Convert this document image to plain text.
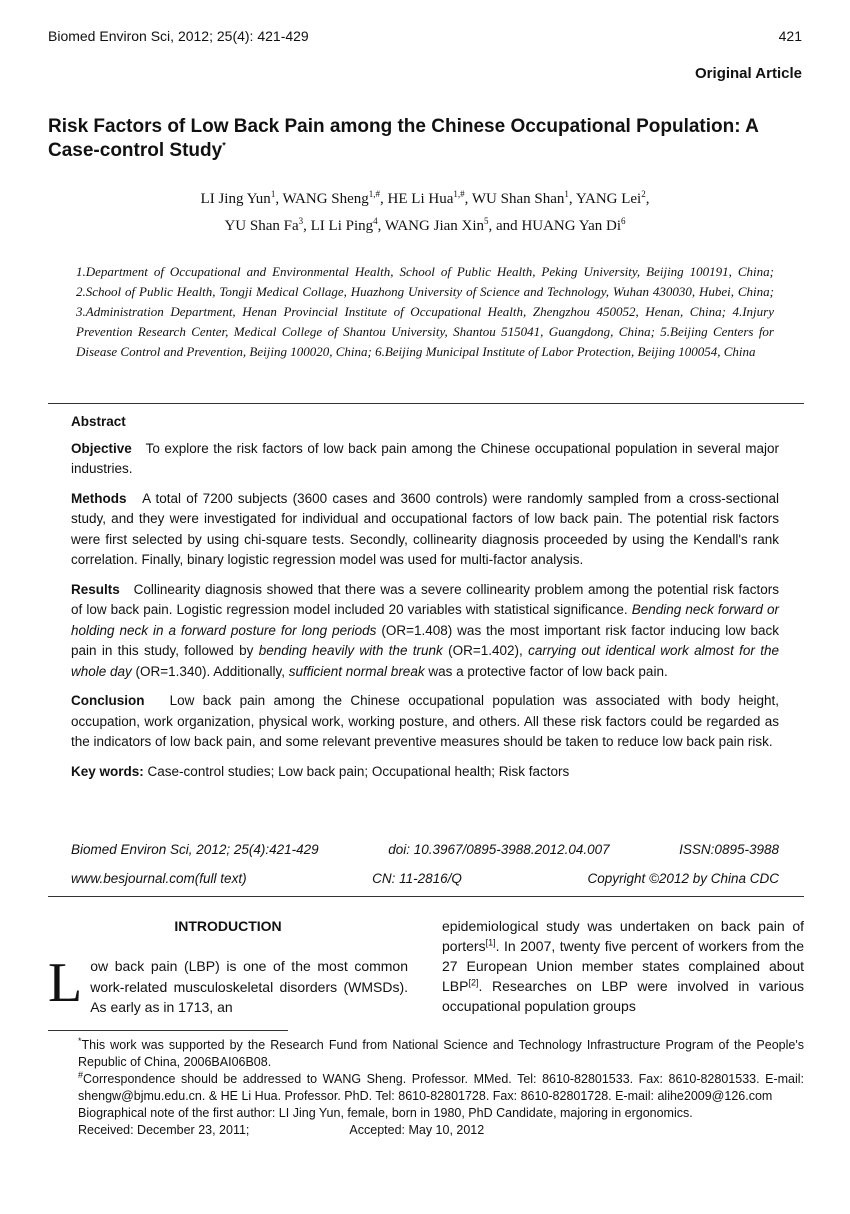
Biomed Environ Sci, 2012; 25(4): 421-429	421
Original Article
Risk Factors of Low Back Pain among the Chinese Occupational Population: A Case-control Study*
LI Jing Yun$^1$, WANG Sheng$^{1,\#}$, HE Li Hua$^{1,\#}$, WU Shan Shan$^1$, YANG Lei$^2$,
YU Shan Fa$^3$, LI Li Ping$^4$, WANG Jian Xin$^5$, and HUANG Yan Di$^6$
1.Department of Occupational and Environmental Health, School of Public Health, Peking University, Beijing 100191, China; 2.School of Public Health, Tongji Medical Collage, Huazhong University of Science and Technology, Wuhan 430030, Hubei, China; 3.Administration Department, Henan Provincial Institute of Occupational Health, Zhengzhou 450052, Henan, China; 4.Injury Prevention Research Center, Medical College of Shantou University, Shantou 515041, Guangdong, China; 5.Beijing Centers for Disease Control and Prevention, Beijing 100020, China; 6.Beijing Municipal Institute of Labor Protection, Beijing 100054, China

Abstract

Objective To explore the risk factors of low back pain among the Chinese occupational population in several major industries.

Methods A total of 7200 subjects (3600 cases and 3600 controls) were randomly sampled from a cross-sectional study, and they were investigated for individual and occupational factors of low back pain. The potential risk factors were first selected by using chi-square tests. Secondly, collinearity diagnosis proceeded by using the Kendall's rank correlation. Finally, binary logistic regression model was used for multi-factor analysis.

Results Collinearity diagnosis showed that there was a severe collinearity problem among the potential risk factors of low back pain. Logistic regression model included 20 variables with statistical significance. Bending neck forward or holding neck in a forward posture for long periods (OR=1.408) was the most important risk factor inducing low back pain in this study, followed by bending heavily with the trunk (OR=1.402), carrying out identical work almost for the whole day (OR=1.340). Additionally, sufficient normal break was a protective factor of low back pain.

Conclusion Low back pain among the Chinese occupational population was associated with body height, occupation, work organization, physical work, working posture, and others. All these risk factors could be regarded as the indicators of low back pain, and some relevant preventive measures should be taken to reduce low back pain risk.

Key words: Case-control studies; Low back pain; Occupational health; Risk factors

Biomed Environ Sci, 2012; 25(4):421-429	doi: 10.3967/0895-3988.2012.04.007	ISSN:0895-3988
www.besjournal.com(full text)	CN: 11-2816/Q	Copyright ©2012 by China CDC
INTRODUCTION
L ow back pain (LBP) is one of the most common work-related musculoskeletal disorders (WMSDs). As early as in 1713, an

epidemiological study was undertaken on back pain of porters[1]. In 2007, twenty five percent of workers from the 27 European Union member states complained about LBP[2]. Researches on LBP were involved in various occupational population groups

*This work was supported by the Research Fund from National Science and Technology Infrastructure Program of the People's Republic of China, 2006BAI06B08.

#Correspondence should be addressed to WANG Sheng. Professor. MMed. Tel: 8610-82801533. Fax: 8610-82801533. E-mail: shengw@bjmu.edu.cn. & HE Li Hua. Professor. PhD. Tel: 8610-82801728. Fax: 8610-82801728. E-mail: alihe2009@126.com

Biographical note of the first author: LI Jing Yun, female, born in 1980, PhD Candidate, majoring in ergonomics.

Received: December 23, 2011;	Accepted: May 10, 2012
